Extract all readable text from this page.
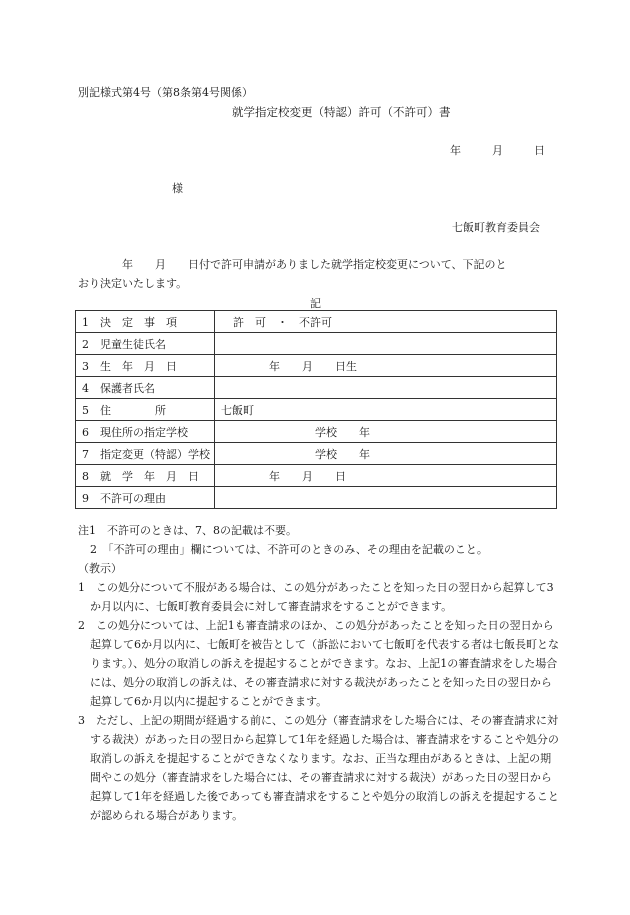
別記様式第4号（第8条第4号関係）
就学指定校変更（特認）許可（不許可）書
年	月	日
様
七飯町教育委員会
年　　月　　日付で許可申請がありました就学指定校変更について、下記のと
おり決定いたします。
記
1　決　定　事　項	許　可　・　不許可
2　児童生徒氏名	
3　生　年　月　日	年　　月　　日生
4　保護者氏名	
5　住　　　　所	七飯町
6　現住所の指定学校	学校　　年
7　指定変更（特認）学校	学校　　年
8　就　学　年　月　日	年　　月　　日
9　不許可の理由	

注1　不許可のときは、7、8の記載は不要。

2　「不許可の理由」欄については、不許可のときのみ、その理由を記載のこと。

（教示）

1　この処分について不服がある場合は、この処分があったことを知った日の翌日から起算して3か月以内に、七飯町教育委員会に対して審査請求をすることができます。

2　この処分については、上記1も審査請求のほか、この処分があったことを知った日の翌日から起算して6か月以内に、七飯町を被告として（訴訟において七飯町を代表する者は七飯長町となります。）、処分の取消しの訴えを提起することができます。なお、上記1の審査請求をした場合には、処分の取消しの訴えは、その審査請求に対する裁決があったことを知った日の翌日から起算して6か月以内に提起することができます。

3　ただし、上記の期間が経過する前に、この処分（審査請求をした場合には、その審査請求に対する裁決）があった日の翌日から起算して1年を経過した場合は、審査請求をすることや処分の取消しの訴えを提起することができなくなります。なお、正当な理由があるときは、上記の期間やこの処分（審査請求をした場合には、その審査請求に対する裁決）があった日の翌日から起算して1年を経過した後であっても審査請求をすることや処分の取消しの訴えを提起することが認められる場合があります。
